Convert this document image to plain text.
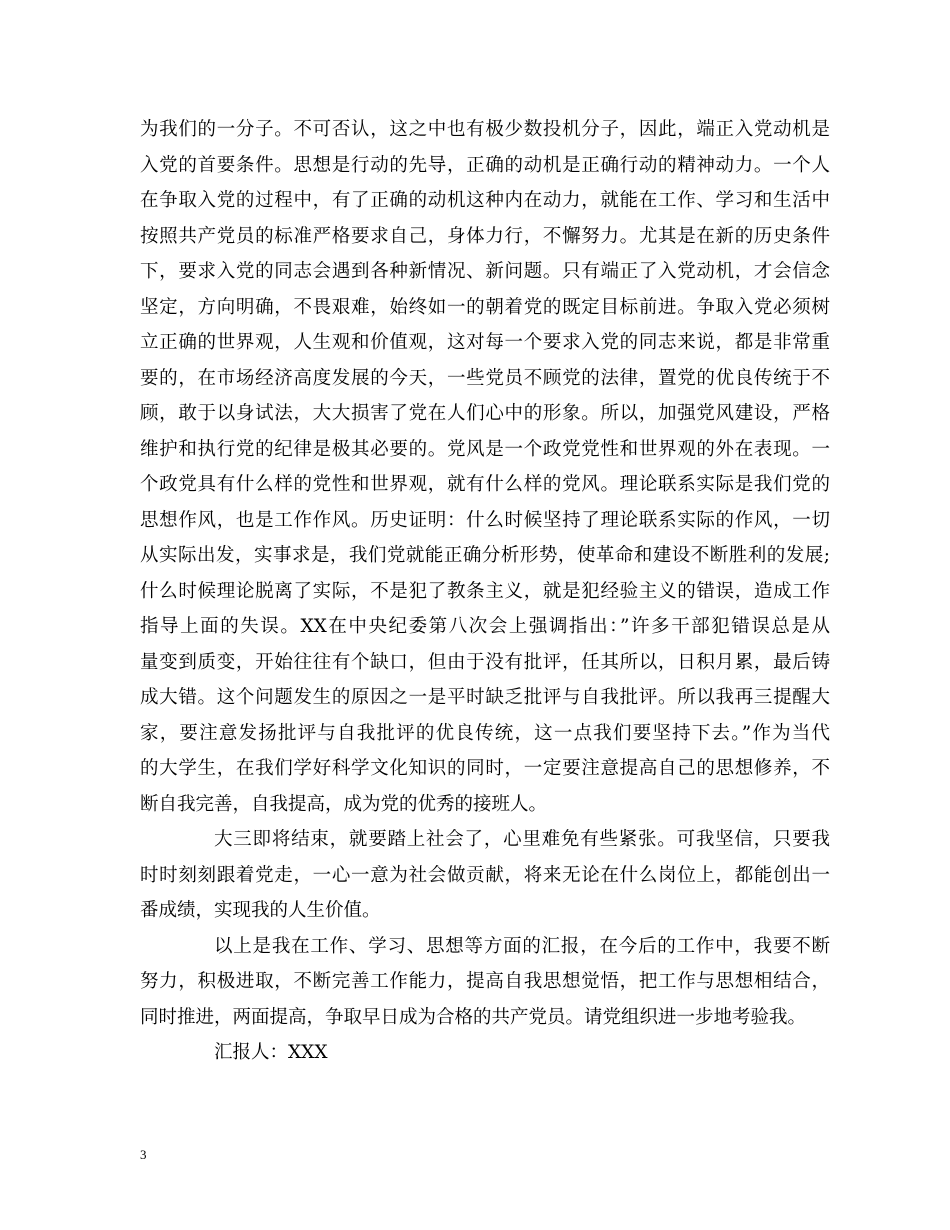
为我们的一分子。不可否认，这之中也有极少数投机分子，因此，端正入党动机是
入党的首要条件。思想是行动的先导，正确的动机是正确行动的精神动力。一个人
在争取入党的过程中，有了正确的动机这种内在动力，就能在工作、学习和生活中
按照共产党员的标准严格要求自己，身体力行，不懈努力。尤其是在新的历史条件
下，要求入党的同志会遇到各种新情况、新问题。只有端正了入党动机，才会信念
坚定，方向明确，不畏艰难，始终如一的朝着党的既定目标前进。争取入党必须树
立正确的世界观，人生观和价值观，这对每一个要求入党的同志来说，都是非常重
要的，在市场经济高度发展的今天，一些党员不顾党的法律，置党的优良传统于不
顾，敢于以身试法，大大损害了党在人们心中的形象。所以，加强党风建设，严格
维护和执行党的纪律是极其必要的。党风是一个政党党性和世界观的外在表现。一
个政党具有什么样的党性和世界观，就有什么样的党风。理论联系实际是我们党的
思想作风，也是工作作风。历史证明：什么时候坚持了理论联系实际的作风，一切
从实际出发，实事求是，我们党就能正确分析形势，使革命和建设不断胜利的发展;
什么时候理论脱离了实际，不是犯了教条主义，就是犯经验主义的错误，造成工作
指导上面的失误。XX在中央纪委第八次会上强调指出：”许多干部犯错误总是从
量变到质变，开始往往有个缺口，但由于没有批评，任其所以，日积月累，最后铸
成大错。这个问题发生的原因之一是平时缺乏批评与自我批评。所以我再三提醒大
家，要注意发扬批评与自我批评的优良传统，这一点我们要坚持下去。”作为当代
的大学生，在我们学好科学文化知识的同时，一定要注意提高自己的思想修养，不
断自我完善，自我提高，成为党的优秀的接班人。
大三即将结束，就要踏上社会了，心里难免有些紧张。可我坚信，只要我
时时刻刻跟着党走，一心一意为社会做贡献，将来无论在什么岗位上，都能创出一
番成绩，实现我的人生价值。
以上是我在工作、学习、思想等方面的汇报，在今后的工作中，我要不断
努力，积极进取，不断完善工作能力，提高自我思想觉悟，把工作与思想相结合，
同时推进，两面提高，争取早日成为合格的共产党员。请党组织进一步地考验我。
汇报人：XXX
3
